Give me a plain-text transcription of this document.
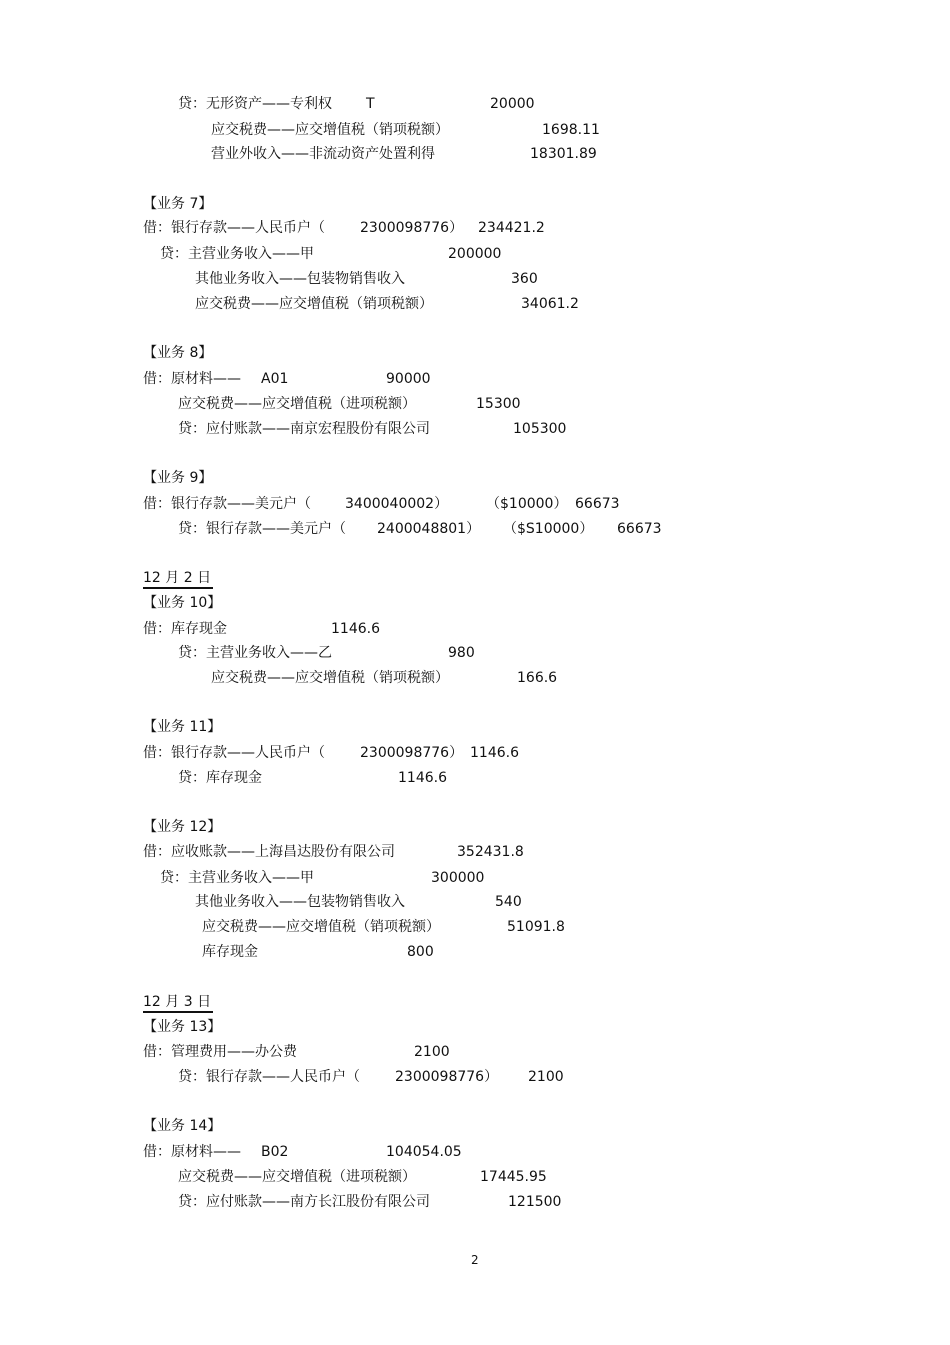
贷：无形资产——专利权 T	20000
应交税费——应交增值税（销项税额）	1698.11
营业外收入——非流动资产处置利得	18301.89
【业务 7】
借：银行存款——人民币户（	2300098776） 234421.2
贷：主营业务收入——甲	200000
其他业务收入——包装物销售收入	360
应交税费——应交增值税（销项税额）	34061.2
【业务 8】
借：原材料—— A01	90000
应交税费——应交增值税（进项税额）	15300
贷：应付账款——南京宏程股份有限公司	105300
【业务 9】
借：银行存款——美元户（ 3400040002）	（$10000） 66673
贷：银行存款——美元户（ 2400048801） （$S10000） 66673
12 月 2 日
【业务 10】
借：库存现金	1146.6
贷：主营业务收入——乙	980
应交税费——应交增值税（销项税额）	166.6
【业务 11】
借：银行存款——人民币户（	2300098776） 1146.6
贷：库存现金	1146.6
【业务 12】
借：应收账款——上海昌达股份有限公司	352431.8
贷：主营业务收入——甲	300000
其他业务收入——包装物销售收入	540
应交税费——应交增值税（销项税额）	51091.8
库存现金	800
12 月 3 日
【业务 13】
借：管理费用——办公费	2100
贷：银行存款——人民币户（	2300098776） 2100
【业务 14】
借：原材料—— B02	104054.05
应交税费——应交增值税（进项税额）	17445.95
贷：应付账款——南方长江股份有限公司	121500
2
